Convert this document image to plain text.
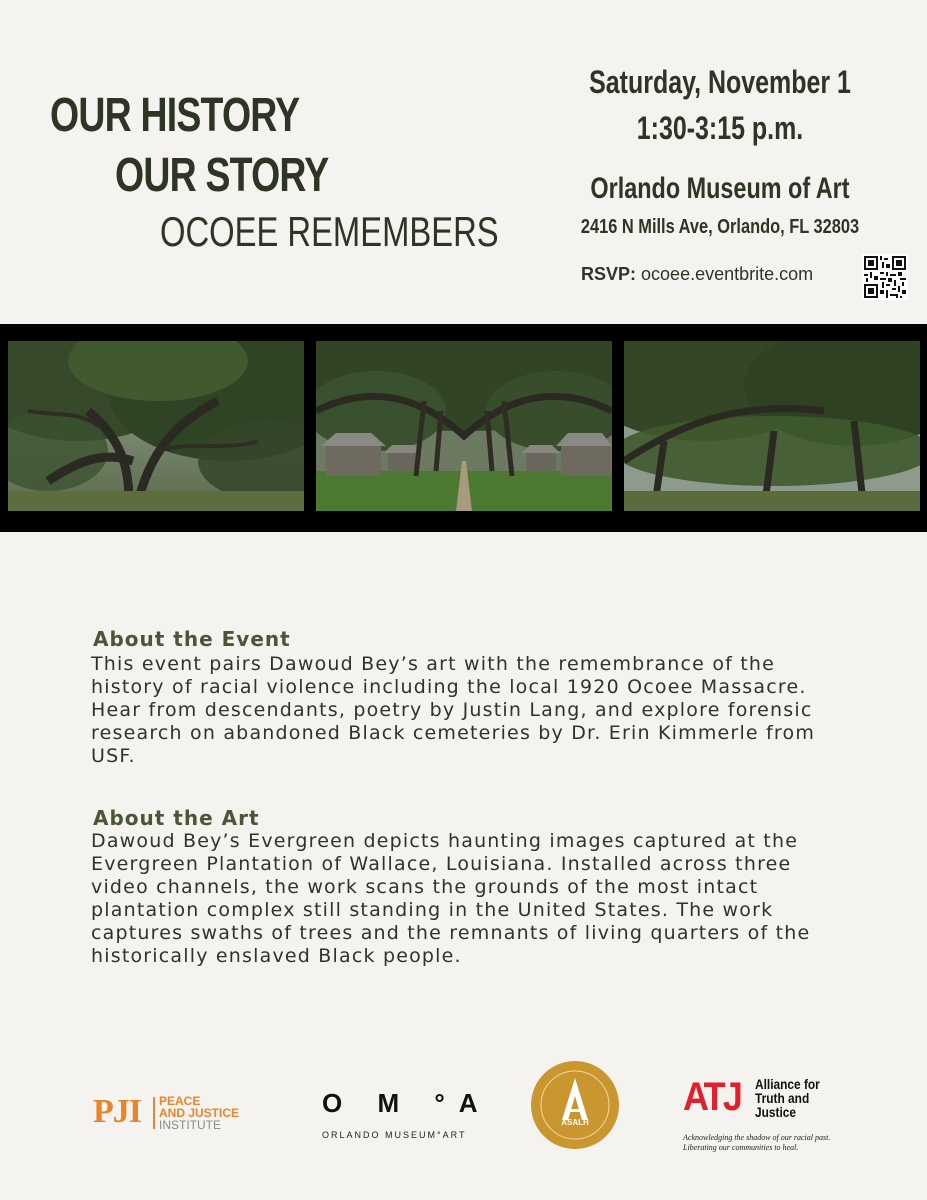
OUR HISTORY
OUR STORY
OCOEE REMEMBERS
Saturday, November 1
1:30-3:15 p.m.
Orlando Museum of Art
2416 N Mills Ave, Orlando, FL 32803
RSVP: ocoee.eventbrite.com
About the Event
This event pairs Dawoud Bey’s art with the remembrance of the history of racial violence including the local 1920 Ocoee Massacre. Hear from descendants, poetry by Justin Lang, and explore forensic research on abandoned Black cemeteries by Dr. Erin Kimmerle from USF.
About the Art
Dawoud Bey’s Evergreen depicts haunting images captured at the Evergreen Plantation of Wallace, Louisiana. Installed across three video channels, the work scans the grounds of the most intact plantation complex still standing in the United States. The work captures swaths of trees and the remnants of living quarters of the historically enslaved Black people.
PJI PEACE
AND JUSTICE
INSTITUTE
O M °A
ORLANDO MUSEUM°ART
ASALH
ATJ Alliance for
Truth and
Justice
Acknowledging the shadow of our racial past.
Liberating our communities to heal.
